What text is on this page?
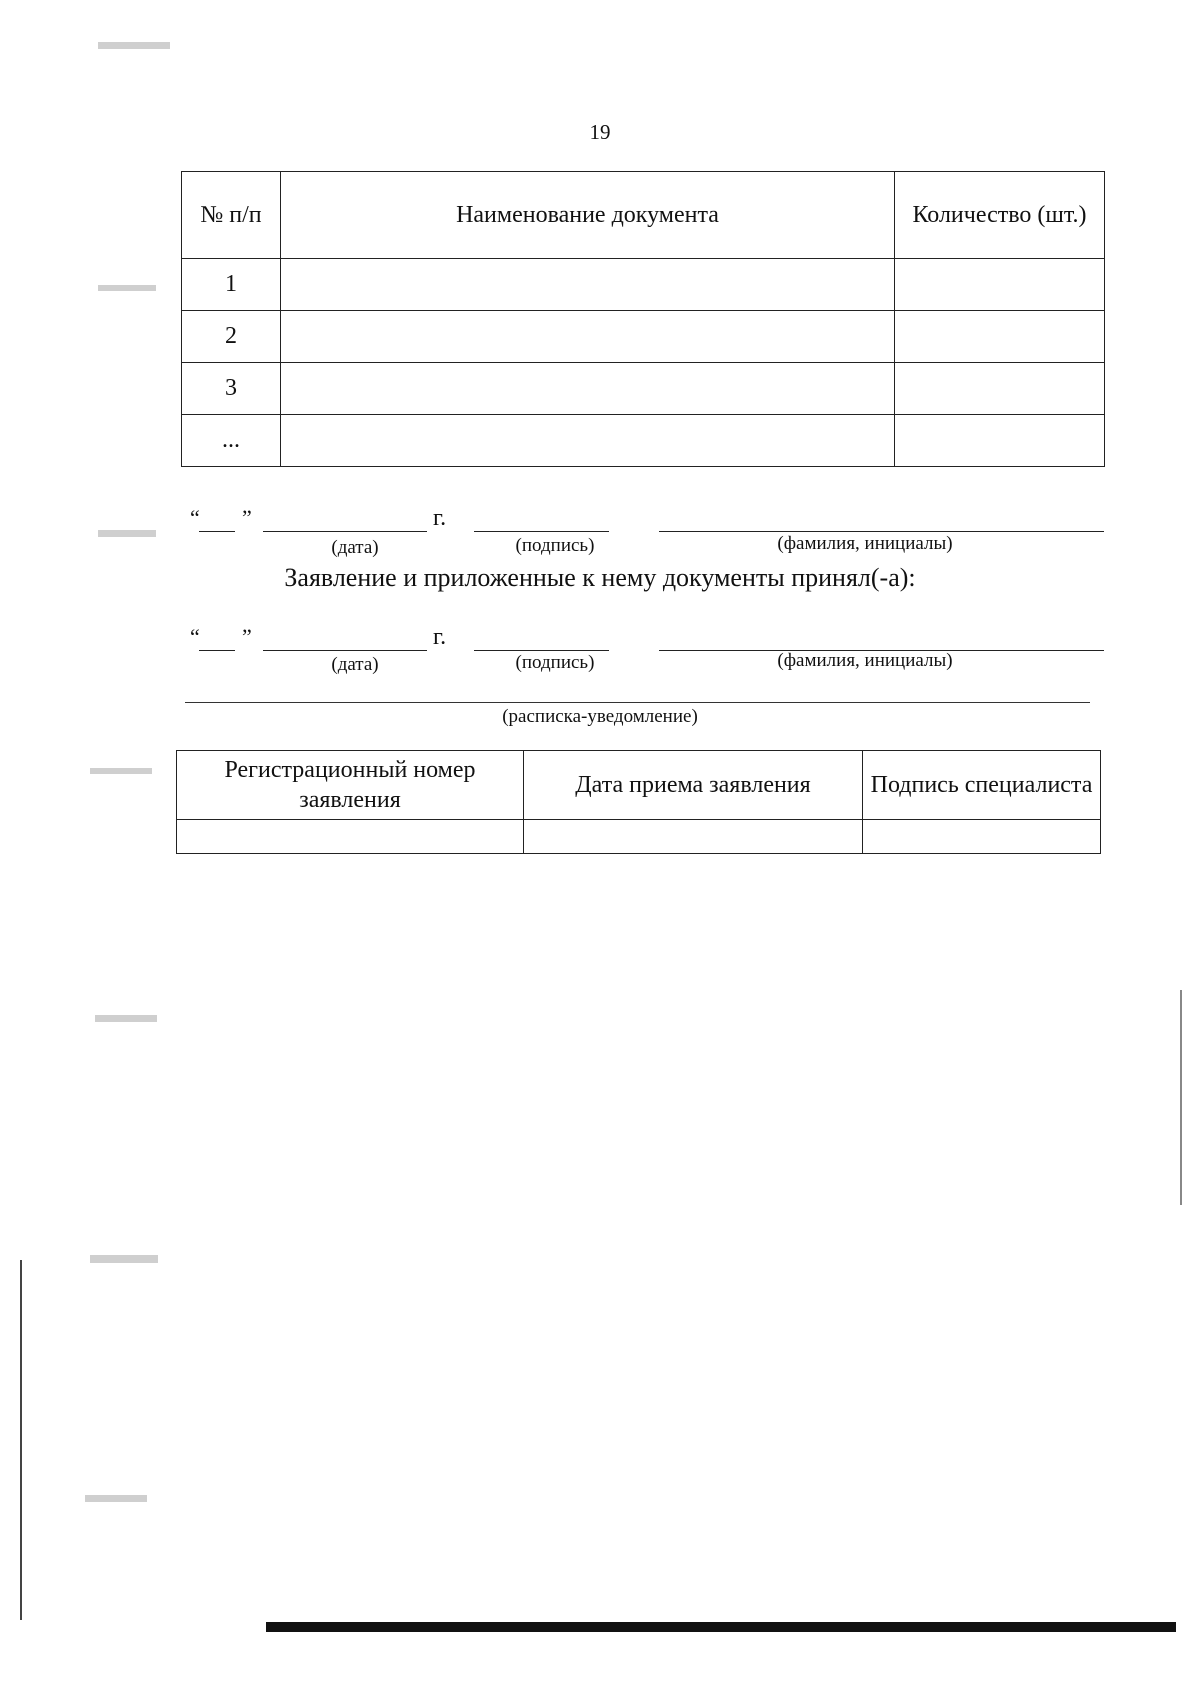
19
№ п/п	Наименование документа	Количество (шт.)
1		
2		
3		
...		
“ ”	г.
(дата)	(подпись)	(фамилия, инициалы)
Заявление и приложенные к нему документы принял(-а):
“ ”	г.
(дата)	(подпись)	(фамилия, инициалы)
(расписка-уведомление)
Регистрационный номер заявления	Дата приема заявления	Подпись специалиста
